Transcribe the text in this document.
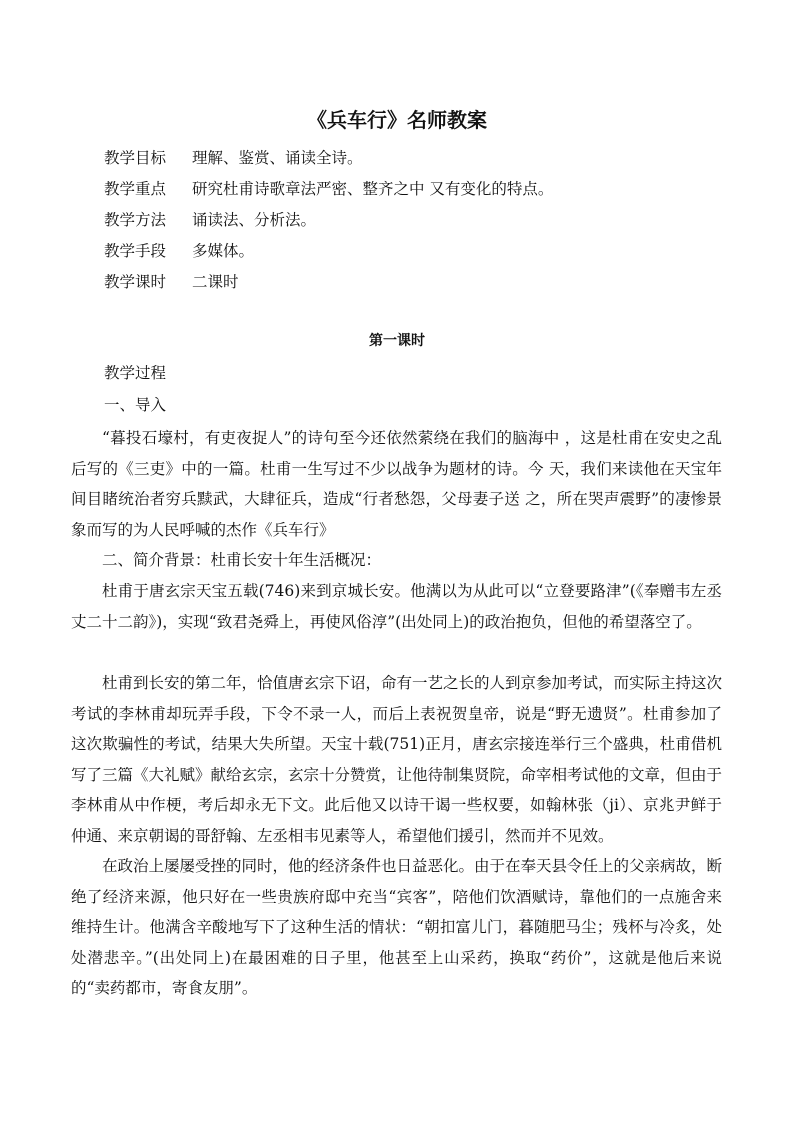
《兵车行》名师教案
教学目标 理解、鉴赏、诵读全诗。
教学重点 研究杜甫诗歌章法严密、整齐之中 又有变化的特点。
教学方法 诵读法、分析法。
教学手段 多媒体。
教学课时 二课时
第一课时
教学过程
一、导入

“暮投石壕村，有吏夜捉人”的诗句至今还依然萦绕在我们的脑海中 ，这是杜甫在安史之乱后写的《三吏》中的一篇。杜甫一生写过不少以战争为题材的诗。今 天，我们来读他在天宝年间目睹统治者穷兵黩武，大肆征兵，造成“行者愁怨，父母妻子送 之，所在哭声震野”的凄惨景象而写的为人民呼喊的杰作《兵车行》

二、简介背景：杜甫长安十年生活概况：

杜甫于唐玄宗天宝五载(746)来到京城长安。他满以为从此可以“立登要路津”(《奉赠韦左丞丈二十二韵》)，实现“致君尧舜上，再使风俗淳”(出处同上)的政治抱负，但他的希望落空了。

杜甫到长安的第二年，恰值唐玄宗下诏，命有一艺之长的人到京参加考试，而实际主持这次考试的李林甫却玩弄手段，下令不录一人，而后上表祝贺皇帝，说是“野无遗贤”。杜甫参加了这次欺骗性的考试，结果大失所望。天宝十载(751)正月，唐玄宗接连举行三个盛典，杜甫借机写了三篇《大礼赋》献给玄宗，玄宗十分赞赏，让他待制集贤院，命宰相考试他的文章，但由于李林甫从中作梗，考后却永无下文。此后他又以诗干谒一些权要，如翰林张（ji）、京兆尹鲜于仲通、来京朝谒的哥舒翰、左丞相韦见素等人，希望他们援引，然而并不见效。

在政治上屡屡受挫的同时，他的经济条件也日益恶化。由于在奉天县令任上的父亲病故，断绝了经济来源，他只好在一些贵族府邸中充当“宾客”，陪他们饮酒赋诗，靠他们的一点施舍来维持生计。他满含辛酸地写下了这种生活的情状：“朝扣富儿门，暮随肥马尘；残杯与冷炙，处处潜悲辛。”(出处同上)在最困难的日子里，他甚至上山采药，换取“药价”，这就是他后来说的“卖药都市，寄食友朋”。
